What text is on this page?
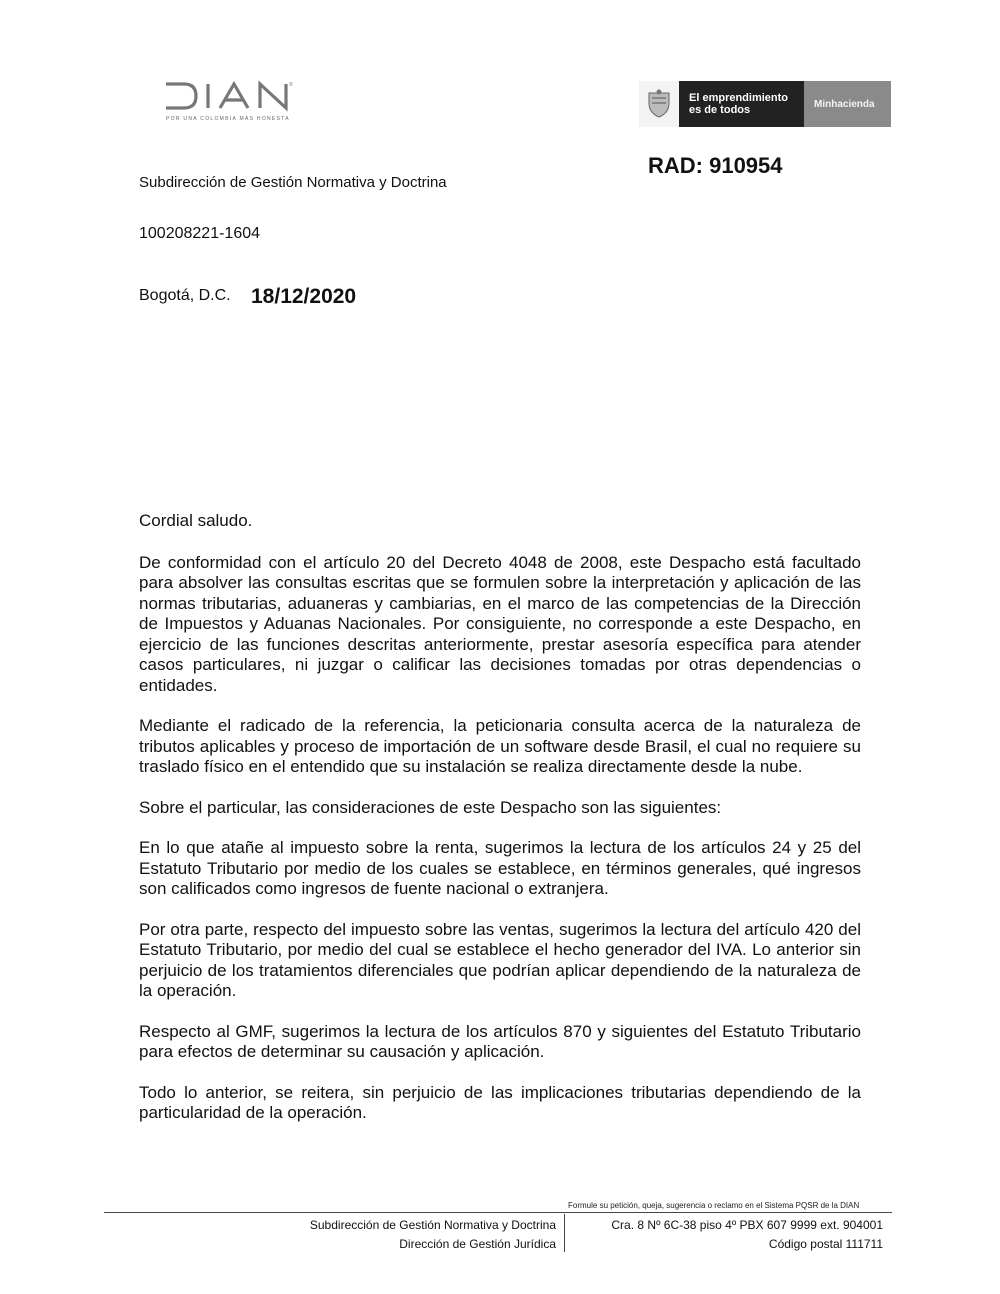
®
POR UNA COLOMBIA MÁS HONESTA
El emprendimiento
es de todos	Minhacienda
RAD: 910954
Subdirección de Gestión Normativa y Doctrina
100208221-1604
Bogotá, D.C. 18/12/2020

Cordial saludo.

De conformidad con el artículo 20 del Decreto 4048 de 2008, este Despacho está facultado para absolver las consultas escritas que se formulen sobre la interpretación y aplicación de las normas tributarias, aduaneras y cambiarias, en el marco de las competencias de la Dirección de Impuestos y Aduanas Nacionales. Por consiguiente, no corresponde a este Despacho, en ejercicio de las funciones descritas anteriormente, prestar asesoría específica para atender casos particulares, ni juzgar o calificar las decisiones tomadas por otras dependencias o entidades.

Mediante el radicado de la referencia, la peticionaria consulta acerca de la naturaleza de tributos aplicables y proceso de importación de un software desde Brasil, el cual no requiere su traslado físico en el entendido que su instalación se realiza directamente desde la nube.

Sobre el particular, las consideraciones de este Despacho son las siguientes:

En lo que atañe al impuesto sobre la renta, sugerimos la lectura de los artículos 24 y 25 del Estatuto Tributario por medio de los cuales se establece, en términos generales, qué ingresos son calificados como ingresos de fuente nacional o extranjera.

Por otra parte, respecto del impuesto sobre las ventas, sugerimos la lectura del artículo 420 del Estatuto Tributario, por medio del cual se establece el hecho generador del IVA. Lo anterior sin perjuicio de los tratamientos diferenciales que podrían aplicar dependiendo de la naturaleza de la operación.

Respecto al GMF, sugerimos la lectura de los artículos 870 y siguientes del Estatuto Tributario para efectos de determinar su causación y aplicación.

Todo lo anterior, se reitera, sin perjuicio de las implicaciones tributarias dependiendo de la particularidad de la operación.

Formule su petición, queja, sugerencia o reclamo en el Sistema PQSR de la DIAN
Subdirección de Gestión Normativa y Doctrina
Dirección de Gestión Jurídica
Cra. 8 Nº 6C-38 piso 4º PBX 607 9999 ext. 904001
Código postal 111711
